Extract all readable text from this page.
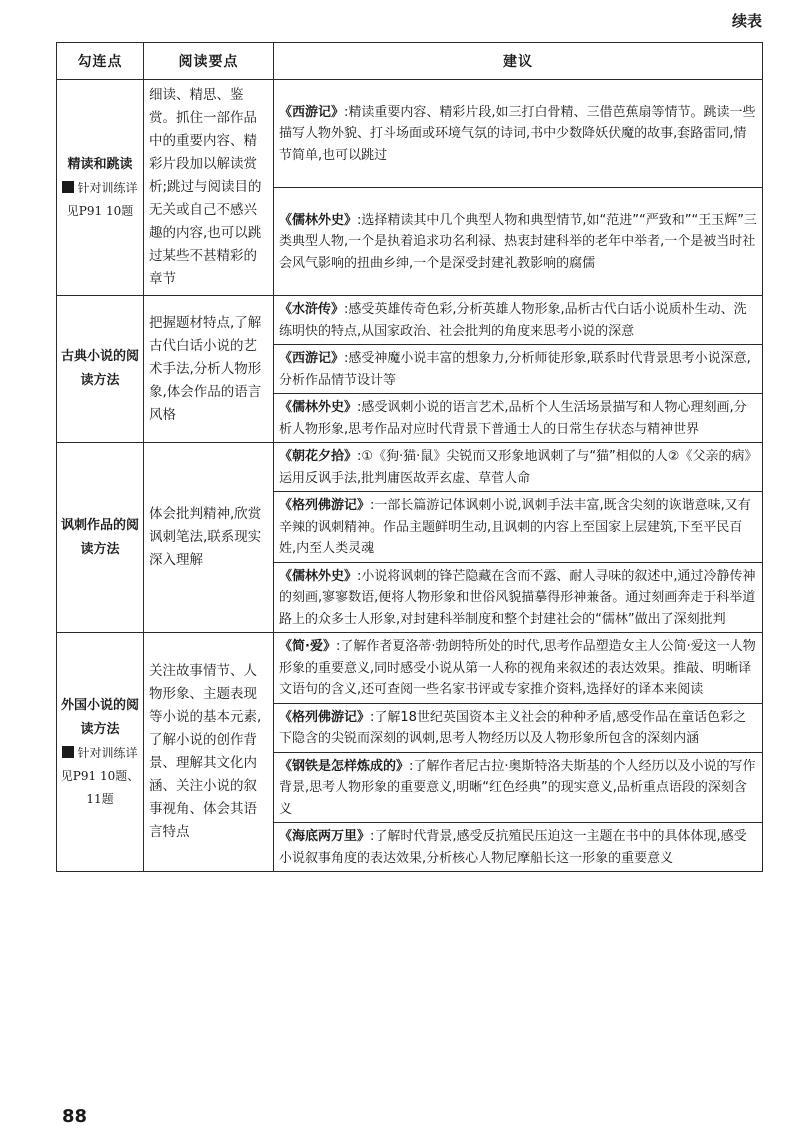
续表
勾连点	阅读要点	建议
精读和跳读
针对训练详见P91 10题	细读、精思、鉴赏。抓住一部作品中的重要内容、精彩片段加以解读赏析;跳过与阅读目的无关或自己不感兴趣的内容,也可以跳过某些不甚精彩的章节	《西游记》:精读重要内容、精彩片段,如三打白骨精、三借芭蕉扇等情节。跳读一些描写人物外貌、打斗场面或环境气氛的诗词,书中少数降妖伏魔的故事,套路雷同,情节简单,也可以跳过
		《儒林外史》:选择精读其中几个典型人物和典型情节,如“范进”“严致和”“王玉辉”三类典型人物,一个是执着追求功名利禄、热衷封建科举的老年中举者,一个是被当时社会风气影响的扭曲乡绅,一个是深受封建礼教影响的腐儒
古典小说的阅读方法	把握题材特点,了解古代白话小说的艺术手法,分析人物形象,体会作品的语言风格	《水浒传》:感受英雄传奇色彩,分析英雄人物形象,品析古代白话小说质朴生动、洗练明快的特点,从国家政治、社会批判的角度来思考小说的深意
		《西游记》:感受神魔小说丰富的想象力,分析师徒形象,联系时代背景思考小说深意,分析作品情节设计等
		《儒林外史》:感受讽刺小说的语言艺术,品析个人生活场景描写和人物心理刻画,分析人物形象,思考作品对应时代背景下普通士人的日常生存状态与精神世界
讽刺作品的阅读方法	体会批判精神,欣赏讽刺笔法,联系现实深入理解	《朝花夕拾》:①《狗·猫·鼠》尖锐而又形象地讽刺了与“猫”相似的人②《父亲的病》运用反讽手法,批判庸医故弄玄虚、草菅人命
		《格列佛游记》:一部长篇游记体讽刺小说,讽刺手法丰富,既含尖刻的诙谐意味,又有辛辣的讽刺精神。作品主题鲜明生动,且讽刺的内容上至国家上层建筑,下至平民百姓,内至人类灵魂
		《儒林外史》:小说将讽刺的锋芒隐藏在含而不露、耐人寻味的叙述中,通过冷静传神的刻画,寥寥数语,便将人物形象和世俗风貌描摹得形神兼备。通过刻画奔走于科举道路上的众多士人形象,对封建科举制度和整个封建社会的“儒林”做出了深刻批判
外国小说的阅读方法
针对训练详见P91 10题、11题	关注故事情节、人物形象、主题表现等小说的基本元素,了解小说的创作背景、理解其文化内涵、关注小说的叙事视角、体会其语言特点	《简·爱》:了解作者夏洛蒂·勃朗特所处的时代,思考作品塑造女主人公简·爱这一人物形象的重要意义,同时感受小说从第一人称的视角来叙述的表达效果。推敲、明晰译文语句的含义,还可查阅一些名家书评或专家推介资料,选择好的译本来阅读
		《格列佛游记》:了解18世纪英国资本主义社会的种种矛盾,感受作品在童话色彩之下隐含的尖锐而深刻的讽刺,思考人物经历以及人物形象所包含的深刻内涵
		《钢铁是怎样炼成的》:了解作者尼古拉·奥斯特洛夫斯基的个人经历以及小说的写作背景,思考人物形象的重要意义,明晰“红色经典”的现实意义,品析重点语段的深刻含义
		《海底两万里》:了解时代背景,感受反抗殖民压迫这一主题在书中的具体体现,感受小说叙事角度的表达效果,分析核心人物尼摩船长这一形象的重要意义
88
